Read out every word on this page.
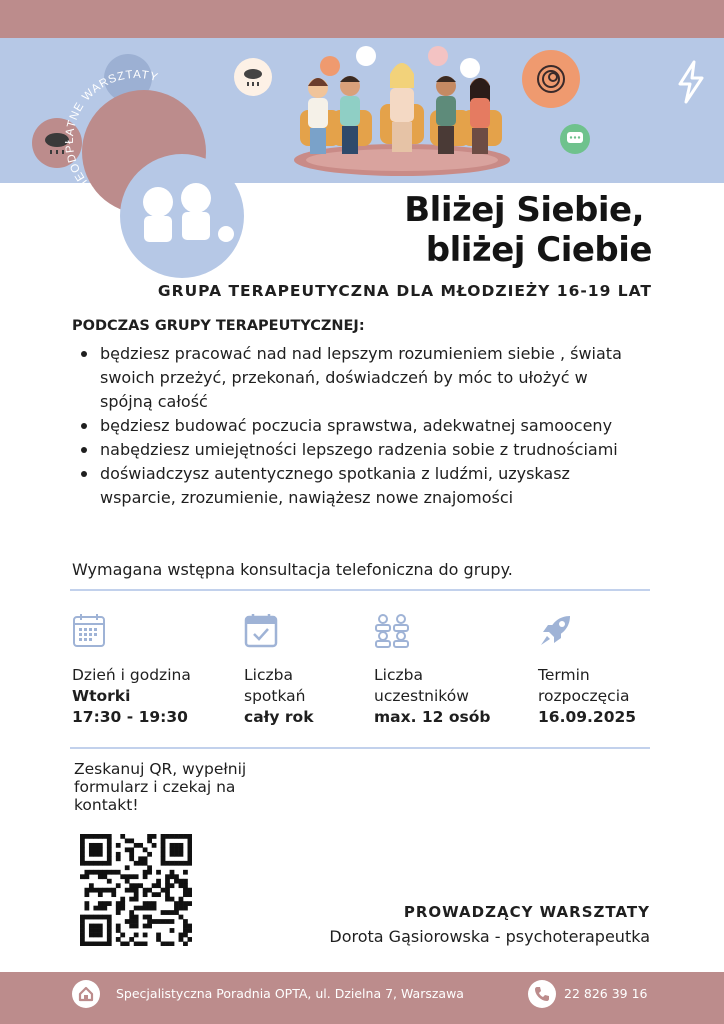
NIEODPŁATNE WARSZTATY
Bliżej Siebie,
bliżej Ciebie
GRUPA TERAPEUTYCZNA DLA MŁODZIEŻY 16-19 LAT
PODCZAS GRUPY TERAPEUTYCZNEJ:
będziesz pracować nad nad lepszym rozumieniem siebie , świata swoich przeżyć, przekonań, doświadczeń by móc to ułożyć w spójną całość
będziesz budować poczucia sprawstwa, adekwatnej samooceny
nabędziesz umiejętności lepszego radzenia sobie z trudnościami
doświadczysz autentycznego spotkania z ludźmi, uzyskasz wsparcie, zrozumienie, nawiążesz nowe znajomości
Wymagana wstępna konsultacja telefoniczna do grupy.
Dzień i godzina
Wtorki
17:30 - 19:30
Liczba spotkań
cały rok
Liczba uczestników
max. 12 osób
Termin rozpoczęcia
16.09.2025
Zeskanuj QR, wypełnij formularz i czekaj na kontakt!
PROWADZĄCY WARSZTATY
Dorota Gąsiorowska - psychoterapeutka
Specjalistyczna Poradnia OPTA, ul. Dzielna 7, Warszawa	22 826 39 16
